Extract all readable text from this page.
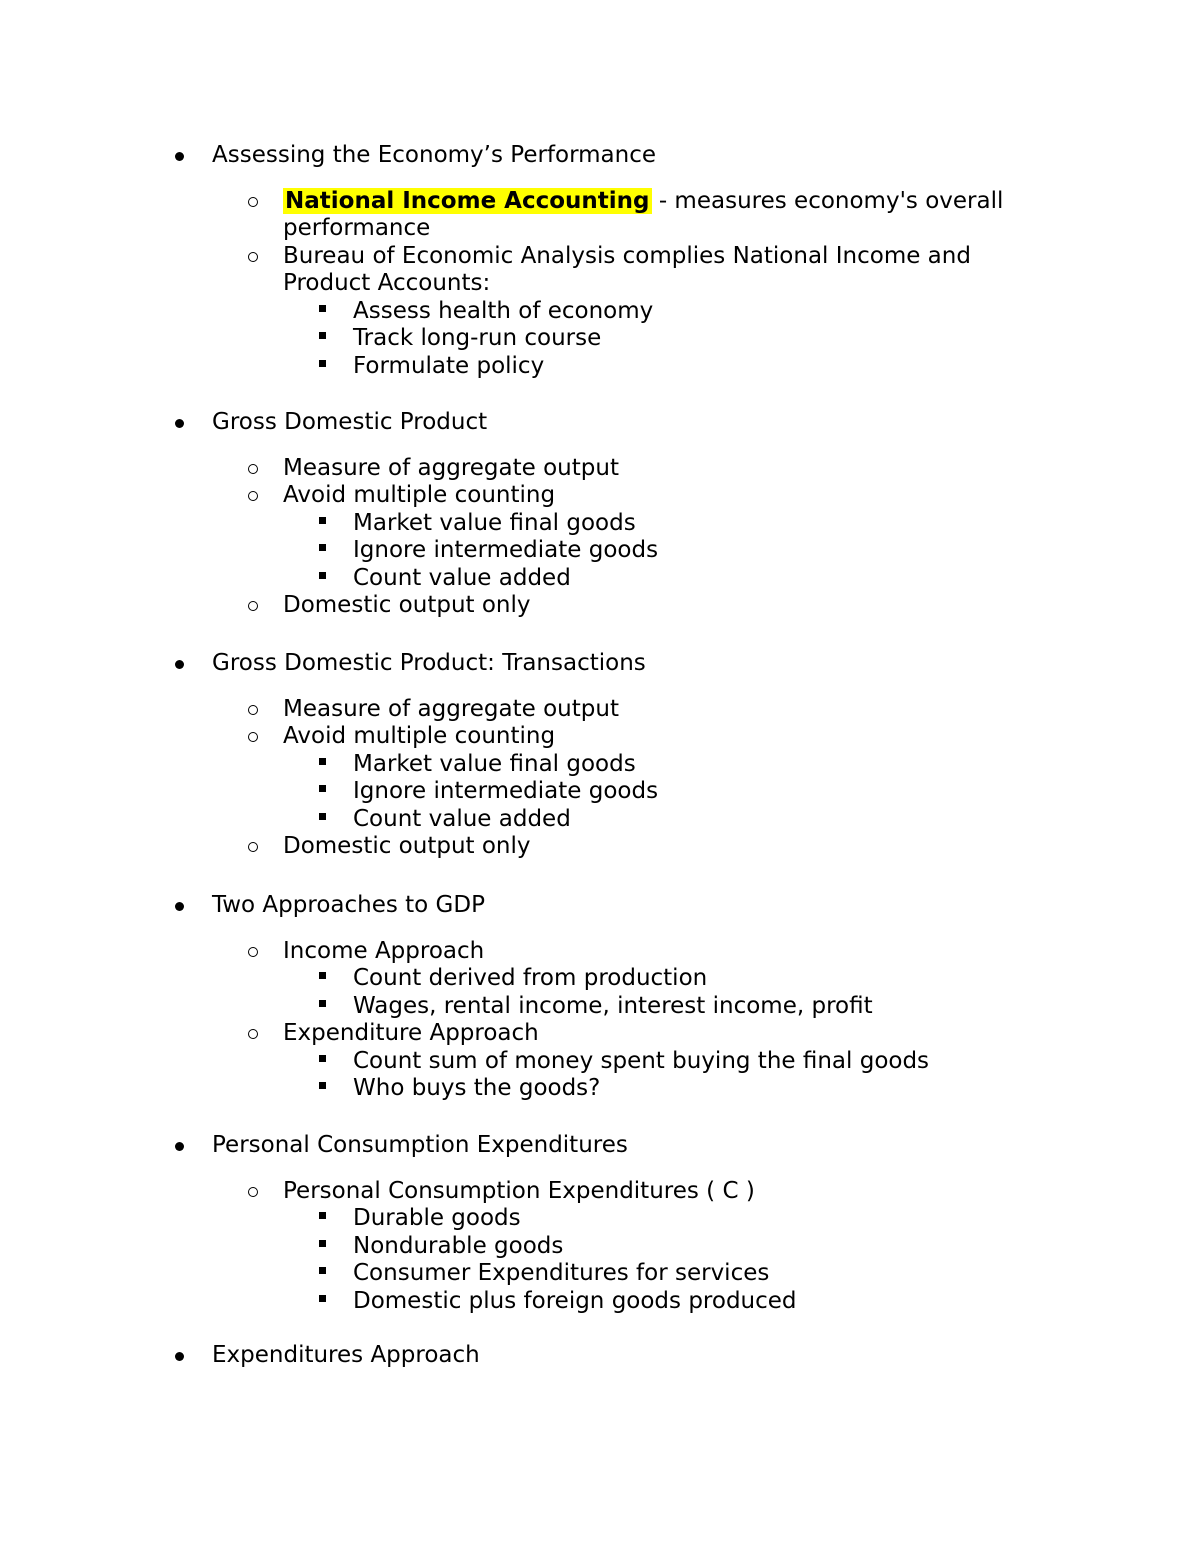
Assessing the Economy’s Performance
National Income Accounting - measures economy's overall
performance
Bureau of Economic Analysis complies National Income and
Product Accounts:
Assess health of economy
Track long-run course
Formulate policy
Gross Domestic Product
Measure of aggregate output
Avoid multiple counting
Market value final goods
Ignore intermediate goods
Count value added
Domestic output only
Gross Domestic Product: Transactions
Measure of aggregate output
Avoid multiple counting
Market value final goods
Ignore intermediate goods
Count value added
Domestic output only
Two Approaches to GDP
Income Approach
Count derived from production
Wages, rental income, interest income, profit
Expenditure Approach
Count sum of money spent buying the final goods
Who buys the goods?
Personal Consumption Expenditures
Personal Consumption Expenditures ( C )
Durable goods
Nondurable goods
Consumer Expenditures for services
Domestic plus foreign goods produced
Expenditures Approach
